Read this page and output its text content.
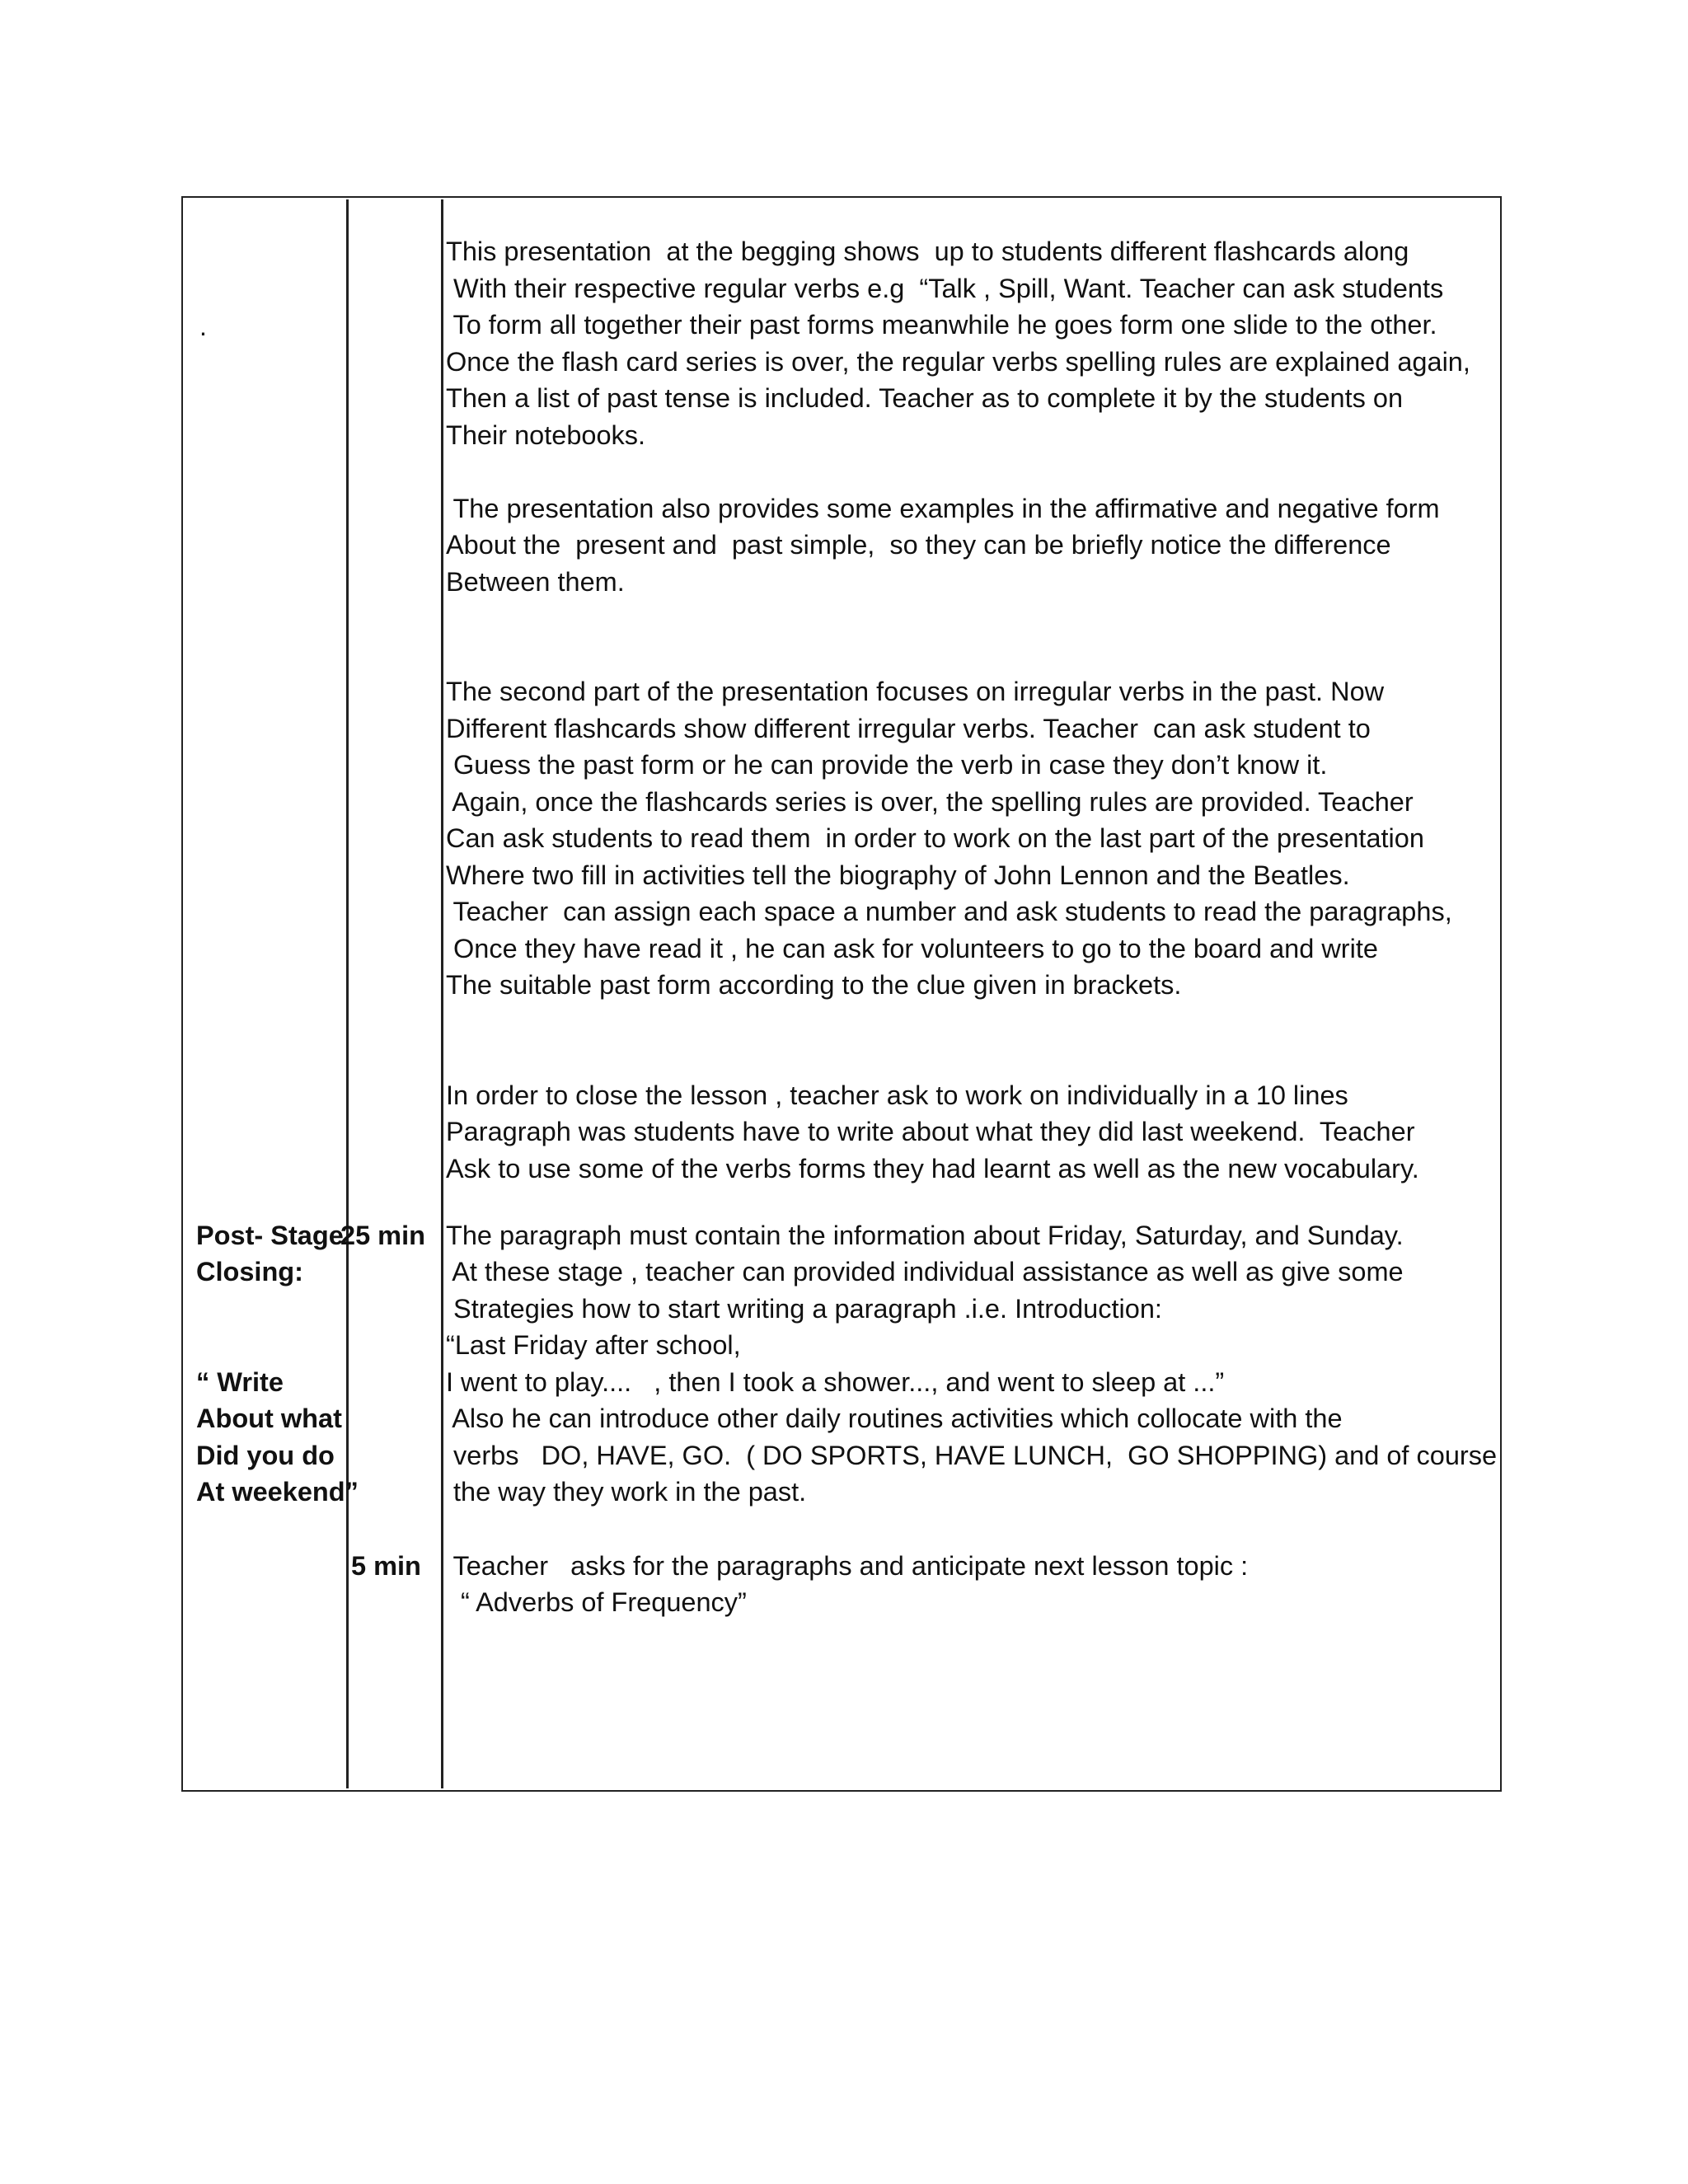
.
Post- Stage
Closing:
“ Write
About what
Did you do
At weekend”
25 min
5 min
This presentation  at the begging shows  up to students different flashcards along
With their respective regular verbs e.g  “Talk , Spill, Want. Teacher can ask students
To form all together their past forms meanwhile he goes form one slide to the other.
Once the flash card series is over, the regular verbs spelling rules are explained again,
Then a list of past tense is included. Teacher as to complete it by the students on
Their notebooks.
The presentation also provides some examples in the affirmative and negative form
About the  present and  past simple,  so they can be briefly notice the difference
Between them.
The second part of the presentation focuses on irregular verbs in the past. Now
Different flashcards show different irregular verbs. Teacher  can ask student to
Guess the past form or he can provide the verb in case they don’t know it.
Again, once the flashcards series is over, the spelling rules are provided. Teacher
Can ask students to read them  in order to work on the last part of the presentation
Where two fill in activities tell the biography of John Lennon and the Beatles.
Teacher  can assign each space a number and ask students to read the paragraphs,
Once they have read it , he can ask for volunteers to go to the board and write
The suitable past form according to the clue given in brackets.
In order to close the lesson , teacher ask to work on individually in a 10 lines
Paragraph was students have to write about what they did last weekend.  Teacher
Ask to use some of the verbs forms they had learnt as well as the new vocabulary.
The paragraph must contain the information about Friday, Saturday, and Sunday.
At these stage , teacher can provided individual assistance as well as give some
Strategies how to start writing a paragraph .i.e. Introduction:
“Last Friday after school,
I went to play....   , then I took a shower..., and went to sleep at ...”
Also he can introduce other daily routines activities which collocate with the
verbs   DO, HAVE, GO.  ( DO SPORTS, HAVE LUNCH,  GO SHOPPING) and of course
the way they work in the past.
Teacher   asks for the paragraphs and anticipate next lesson topic :
“ Adverbs of Frequency”
